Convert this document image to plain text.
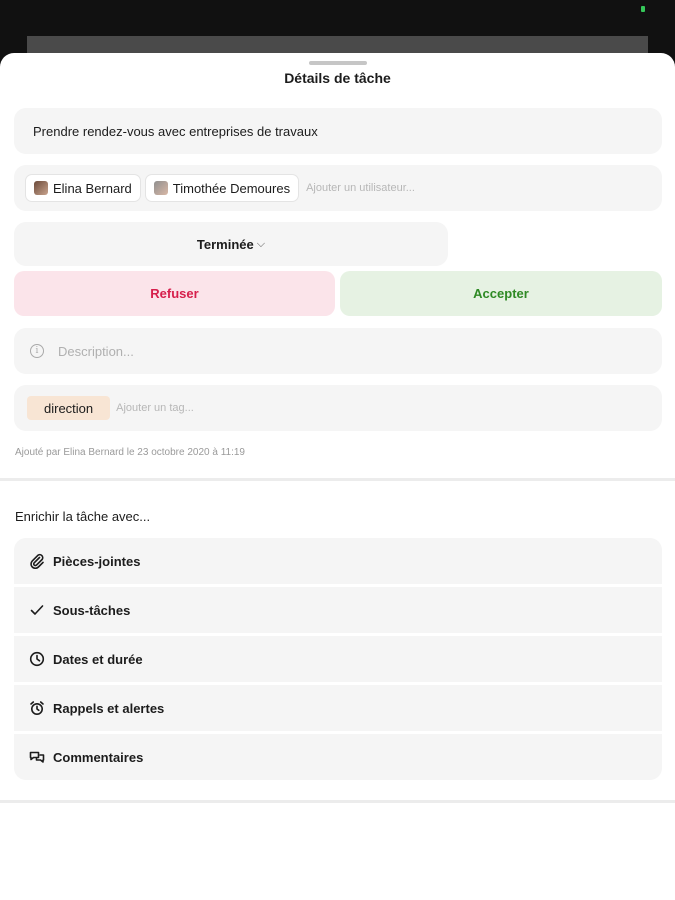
Détails de tâche
Prendre rendez-vous avec entreprises de travaux
Elina Bernard	Timothée Demoures Ajouter un utilisateur...
Terminée ⌵
Refuser	Accepter
i	Description...
direction	Ajouter un tag...
Ajouté par Elina Bernard le 23 octobre 2020 à 11:19
Enrichir la tâche avec...
Pièces-jointes
Sous-tâches
Dates et durée
Rappels et alertes
Commentaires
